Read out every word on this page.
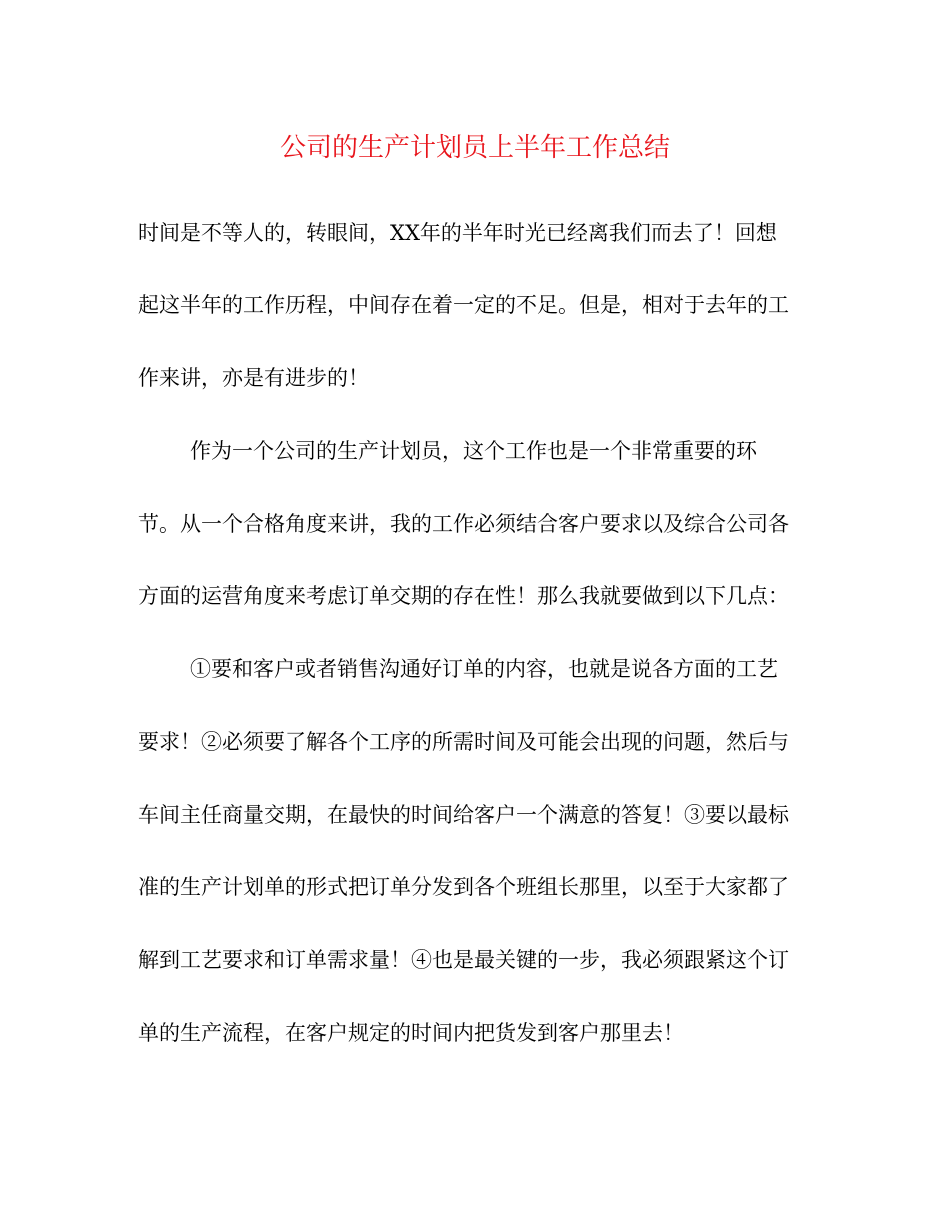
公司的生产计划员上半年工作总结
时间是不等人的，转眼间，XX年的半年时光已经离我们而去了！回想
起这半年的工作历程，中间存在着一定的不足。但是，相对于去年的工
作来讲，亦是有进步的！
作为一个公司的生产计划员，这个工作也是一个非常重要的环
节。从一个合格角度来讲，我的工作必须结合客户要求以及综合公司各
方面的运营角度来考虑订单交期的存在性！那么我就要做到以下几点：
①要和客户或者销售沟通好订单的内容，也就是说各方面的工艺
要求！②必须要了解各个工序的所需时间及可能会出现的问题，然后与
车间主任商量交期，在最快的时间给客户一个满意的答复！③要以最标
准的生产计划单的形式把订单分发到各个班组长那里，以至于大家都了
解到工艺要求和订单需求量！④也是最关键的一步，我必须跟紧这个订
单的生产流程，在客户规定的时间内把货发到客户那里去！
